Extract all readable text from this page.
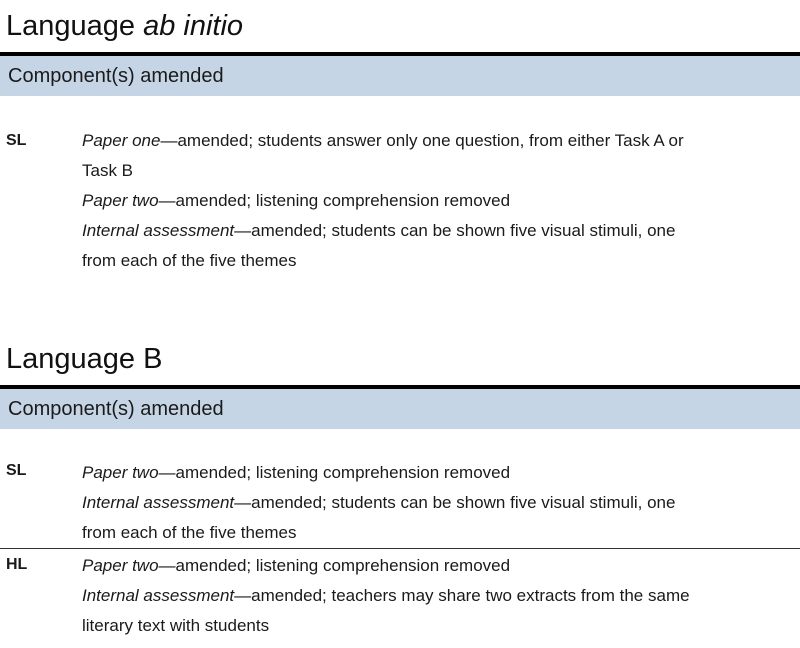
Language ab initio
Component(s) amended
SL	Paper one—amended; students answer only one question, from either Task A or
Task B
Paper two—amended; listening comprehension removed
Internal assessment—amended; students can be shown five visual stimuli, one
from each of the five themes
Language B
Component(s) amended
SL	Paper two—amended; listening comprehension removed
Internal assessment—amended; students can be shown five visual stimuli, one
from each of the five themes
HL	Paper two—amended; listening comprehension removed
Internal assessment—amended; teachers may share two extracts from the same
literary text with students
